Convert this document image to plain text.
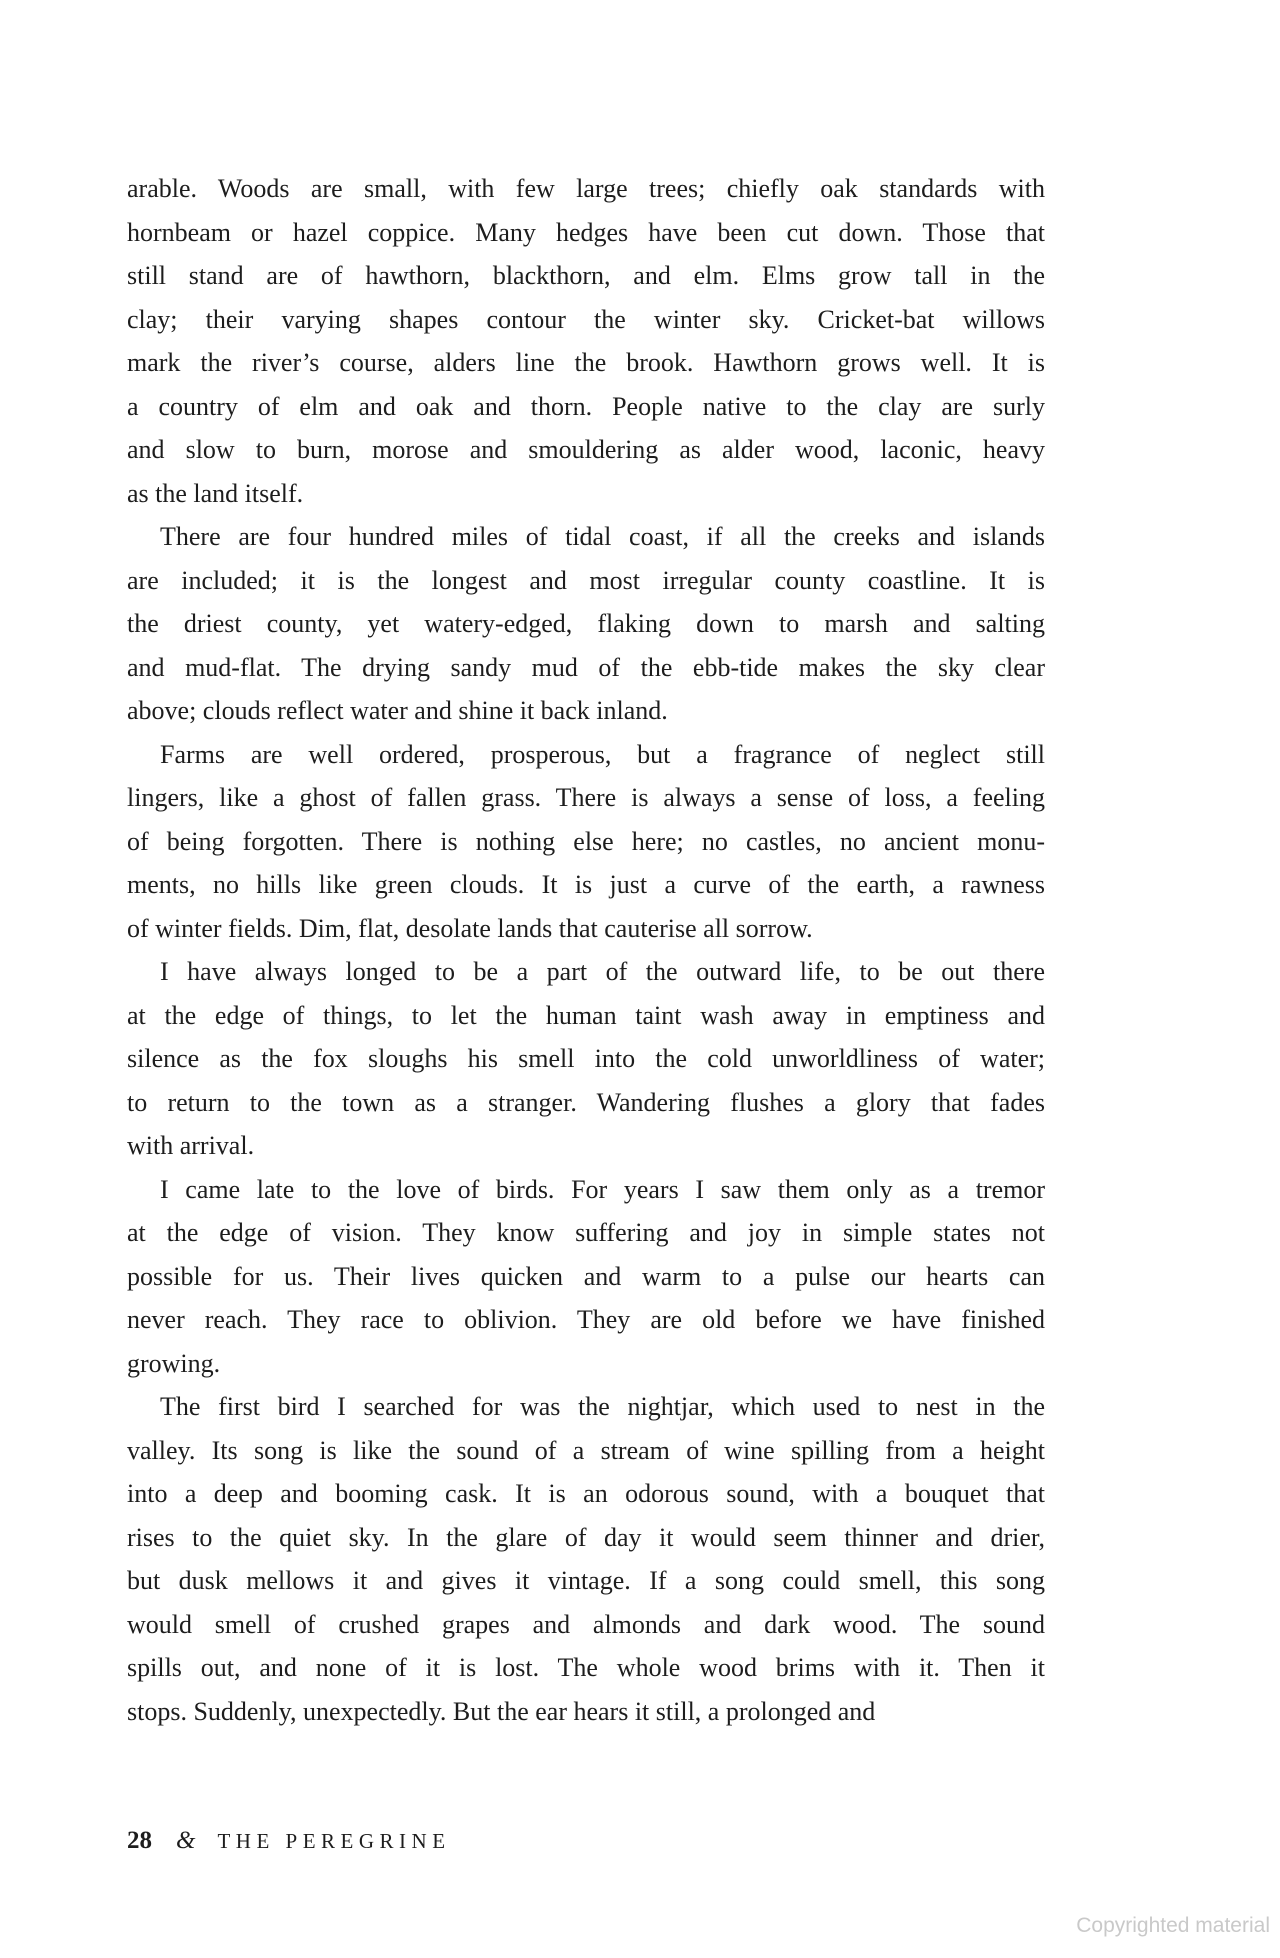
arable. Woods are small, with few large trees; chiefly oak standards with
hornbeam or hazel coppice. Many hedges have been cut down. Those that
still stand are of hawthorn, blackthorn, and elm. Elms grow tall in the
clay; their varying shapes contour the winter sky. Cricket-bat willows
mark the river’s course, alders line the brook. Hawthorn grows well. It is
a country of elm and oak and thorn. People native to the clay are surly
and slow to burn, morose and smouldering as alder wood, laconic, heavy
as the land itself.
There are four hundred miles of tidal coast, if all the creeks and islands
are included; it is the longest and most irregular county coastline. It is
the driest county, yet watery-edged, flaking down to marsh and salting
and mud-flat. The drying sandy mud of the ebb-tide makes the sky clear
above; clouds reflect water and shine it back inland.
Farms are well ordered, prosperous, but a fragrance of neglect still
lingers, like a ghost of fallen grass. There is always a sense of loss, a feeling
of being forgotten. There is nothing else here; no castles, no ancient monu-
ments, no hills like green clouds. It is just a curve of the earth, a rawness
of winter fields. Dim, flat, desolate lands that cauterise all sorrow.
I have always longed to be a part of the outward life, to be out there
at the edge of things, to let the human taint wash away in emptiness and
silence as the fox sloughs his smell into the cold unworldliness of water;
to return to the town as a stranger. Wandering flushes a glory that fades
with arrival.
I came late to the love of birds. For years I saw them only as a tremor
at the edge of vision. They know suffering and joy in simple states not
possible for us. Their lives quicken and warm to a pulse our hearts can
never reach. They race to oblivion. They are old before we have finished
growing.
The first bird I searched for was the nightjar, which used to nest in the
valley. Its song is like the sound of a stream of wine spilling from a height
into a deep and booming cask. It is an odorous sound, with a bouquet that
rises to the quiet sky. In the glare of day it would seem thinner and drier,
but dusk mellows it and gives it vintage. If a song could smell, this song
would smell of crushed grapes and almonds and dark wood. The sound
spills out, and none of it is lost. The whole wood brims with it. Then it
stops. Suddenly, unexpectedly. But the ear hears it still, a prolonged and
28 & THE PEREGRINE
Copyrighted material
